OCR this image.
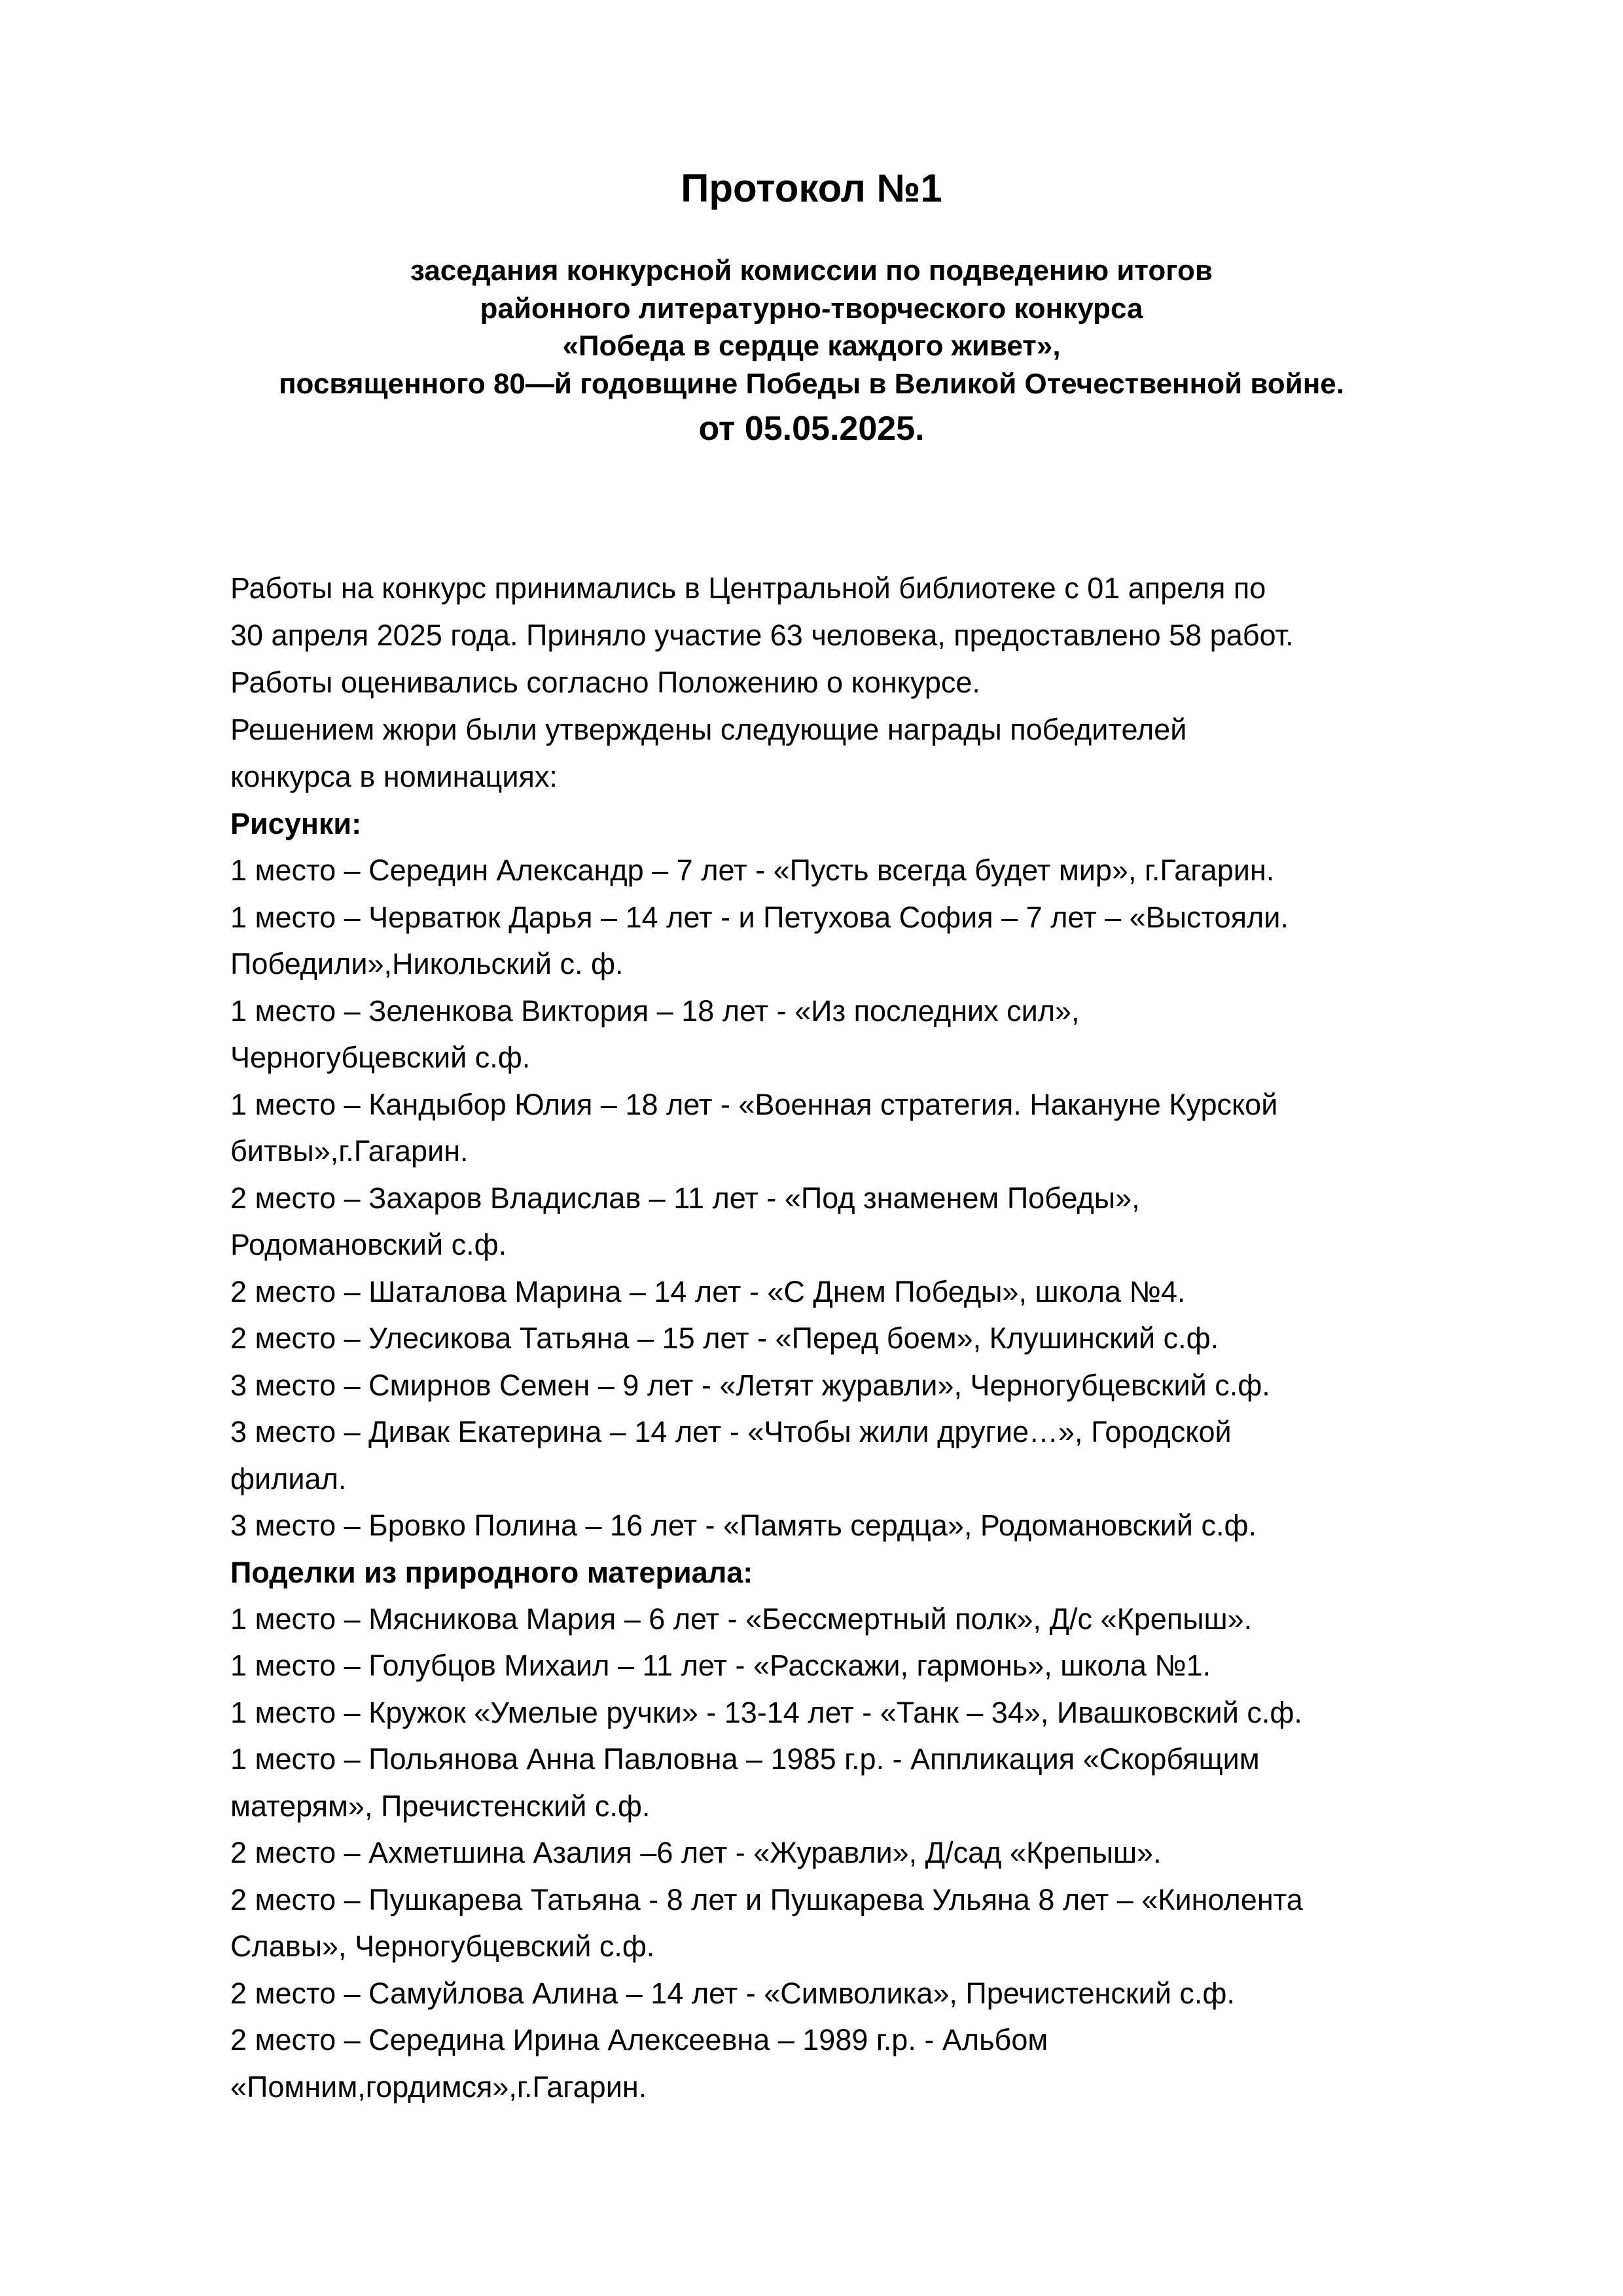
Протокол №1
заседания конкурсной комиссии по подведению итогов
районного литературно-творческого конкурса
«Победа в сердце каждого живет»,
посвященного 80—й годовщине Победы в Великой Отечественной войне.
от 05.05.2025.
Работы на конкурс принимались в Центральной библиотеке с 01 апреля по
30 апреля 2025 года. Приняло участие 63 человека, предоставлено 58 работ.
Работы оценивались согласно Положению о конкурсе.
Решением жюри были утверждены следующие награды победителей
конкурса в номинациях:
Рисунки:
1 место – Середин Александр – 7 лет - «Пусть всегда будет мир», г.Гагарин.
1 место – Черватюк Дарья – 14 лет - и Петухова София – 7 лет – «Выстояли.
Победили»,Никольский с. ф.
1 место – Зеленкова Виктория – 18 лет - «Из последних сил»,
Черногубцевский с.ф.
1 место – Кандыбор Юлия – 18 лет - «Военная стратегия. Накануне Курской
битвы»,г.Гагарин.
2 место – Захаров Владислав – 11 лет - «Под знаменем Победы»,
Родомановский с.ф.
2 место – Шаталова Марина – 14 лет - «С Днем Победы», школа №4.
2 место – Улесикова Татьяна – 15 лет - «Перед боем», Клушинский с.ф.
3 место – Смирнов Семен – 9 лет - «Летят журавли», Черногубцевский с.ф.
3 место – Дивак Екатерина – 14 лет - «Чтобы жили другие…», Городской
филиал.
3 место – Бровко Полина – 16 лет - «Память сердца», Родомановский с.ф.
Поделки из природного материала:
1 место – Мясникова Мария – 6 лет - «Бессмертный полк», Д/с «Крепыш».
1 место – Голубцов Михаил – 11 лет - «Расскажи, гармонь», школа №1.
1 место – Кружок «Умелые ручки» - 13-14 лет - «Танк – 34», Ивашковский с.ф.
1 место – Польянова Анна Павловна – 1985 г.р. - Аппликация «Скорбящим
матерям», Пречистенский с.ф.
2 место – Ахметшина Азалия –6 лет - «Журавли», Д/сад «Крепыш».
2 место – Пушкарева Татьяна - 8 лет и Пушкарева Ульяна 8 лет – «Кинолента
Славы», Черногубцевский с.ф.
2 место – Самуйлова Алина – 14 лет - «Символика», Пречистенский с.ф.
2 место – Середина Ирина Алексеевна – 1989 г.р. - Альбом
«Помним,гордимся»,г.Гагарин.
